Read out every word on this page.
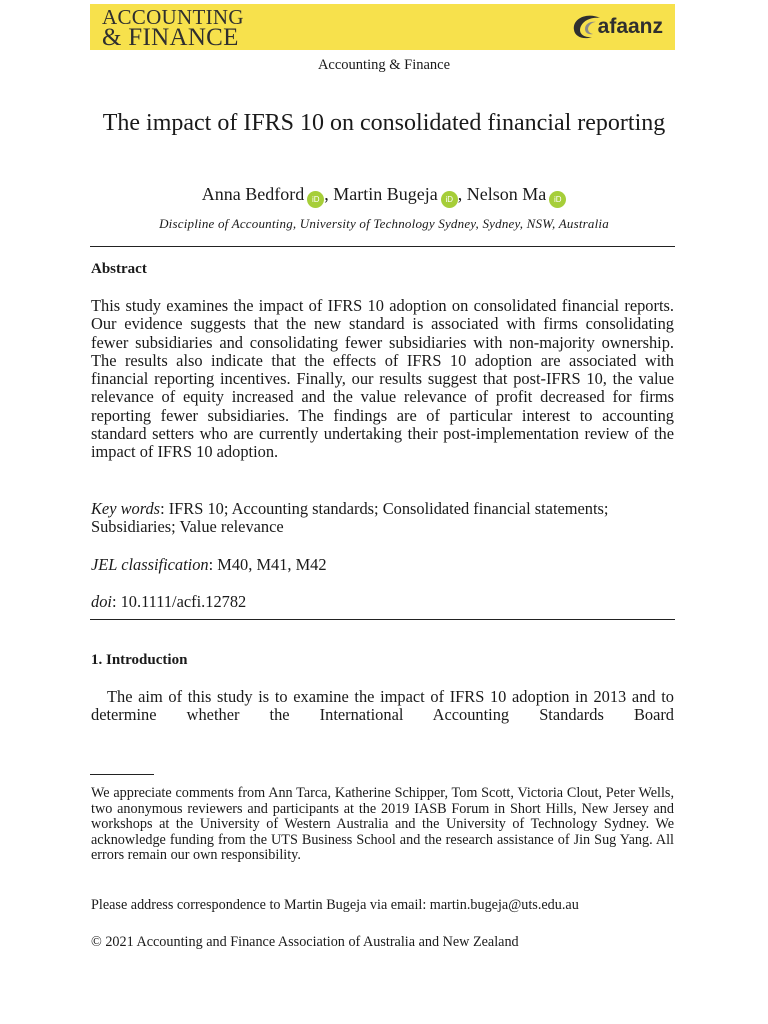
ACCOUNTING
& FINANCE	afaanz
Accounting & Finance
The impact of IFRS 10 on consolidated financial reporting
Anna Bedford iD , Martin Bugeja iD , Nelson Ma iD
Discipline of Accounting, University of Technology Sydney, Sydney, NSW, Australia
Abstract
This study examines the impact of IFRS 10 adoption on consolidated financial reports. Our evidence suggests that the new standard is associated with firms consolidating fewer subsidiaries and consolidating fewer subsidiaries with non-majority ownership. The results also indicate that the effects of IFRS 10 adoption are associated with financial reporting incentives. Finally, our results suggest that post-IFRS 10, the value relevance of equity increased and the value relevance of profit decreased for firms reporting fewer subsidiaries. The findings are of particular interest to accounting standard setters who are currently undertaking their post-implementation review of the impact of IFRS 10 adoption.
Key words: IFRS 10; Accounting standards; Consolidated financial statements; Subsidiaries; Value relevance
JEL classification: M40, M41, M42
doi: 10.1111/acfi.12782
1. Introduction
The aim of this study is to examine the impact of IFRS 10 adoption in 2013 and to determine whether the International Accounting Standards Board
We appreciate comments from Ann Tarca, Katherine Schipper, Tom Scott, Victoria Clout, Peter Wells, two anonymous reviewers and participants at the 2019 IASB Forum in Short Hills, New Jersey and workshops at the University of Western Australia and the University of Technology Sydney. We acknowledge funding from the UTS Business School and the research assistance of Jin Sug Yang. All errors remain our own responsibility.
Please address correspondence to Martin Bugeja via email: martin.bugeja@uts.edu.au
© 2021 Accounting and Finance Association of Australia and New Zealand
